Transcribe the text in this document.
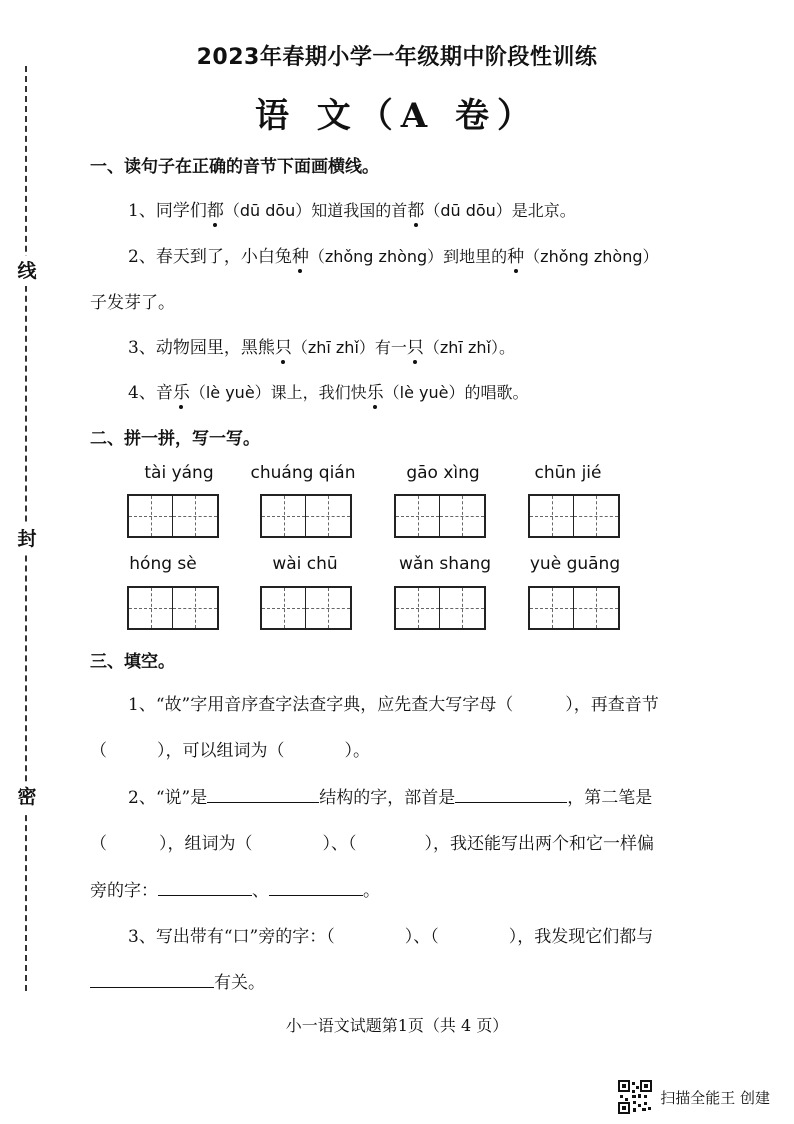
线
封
密
2023年春期小学一年级期中阶段性训练
语 文（A 卷）
一、读句子在正确的音节下面画横线。
1、同学们都（dū dōu）知道我国的首都（dū dōu）是北京。
2、春天到了，小白兔种（zhǒng zhòng）到地里的种（zhǒng zhòng）
子发芽了。
3、动物园里，黑熊只（zhī zhǐ）有一只（zhī zhǐ）。
4、音乐（lè yuè）课上，我们快乐（lè yuè）的唱歌。
二、拼一拼，写一写。
tài yáng	chuáng qián	gāo xìng	chūn jié
hóng sè	wài chū	wǎn shang	yuè guāng
三、填空。
1、“故”字用音序查字法查字典，应先查大写字母（	），再查音节
（	），可以组词为（	）。
2、“说”是	结构的字，部首是	，第二笔是
（	），组词为（	）、（	），我还能写出两个和它一样偏
旁的字：	、	。
3、写出带有“口”旁的字：（	）、（	），我发现它们都与
有关。
小一语文试题第1页（共 4 页）
扫描全能王 创建
